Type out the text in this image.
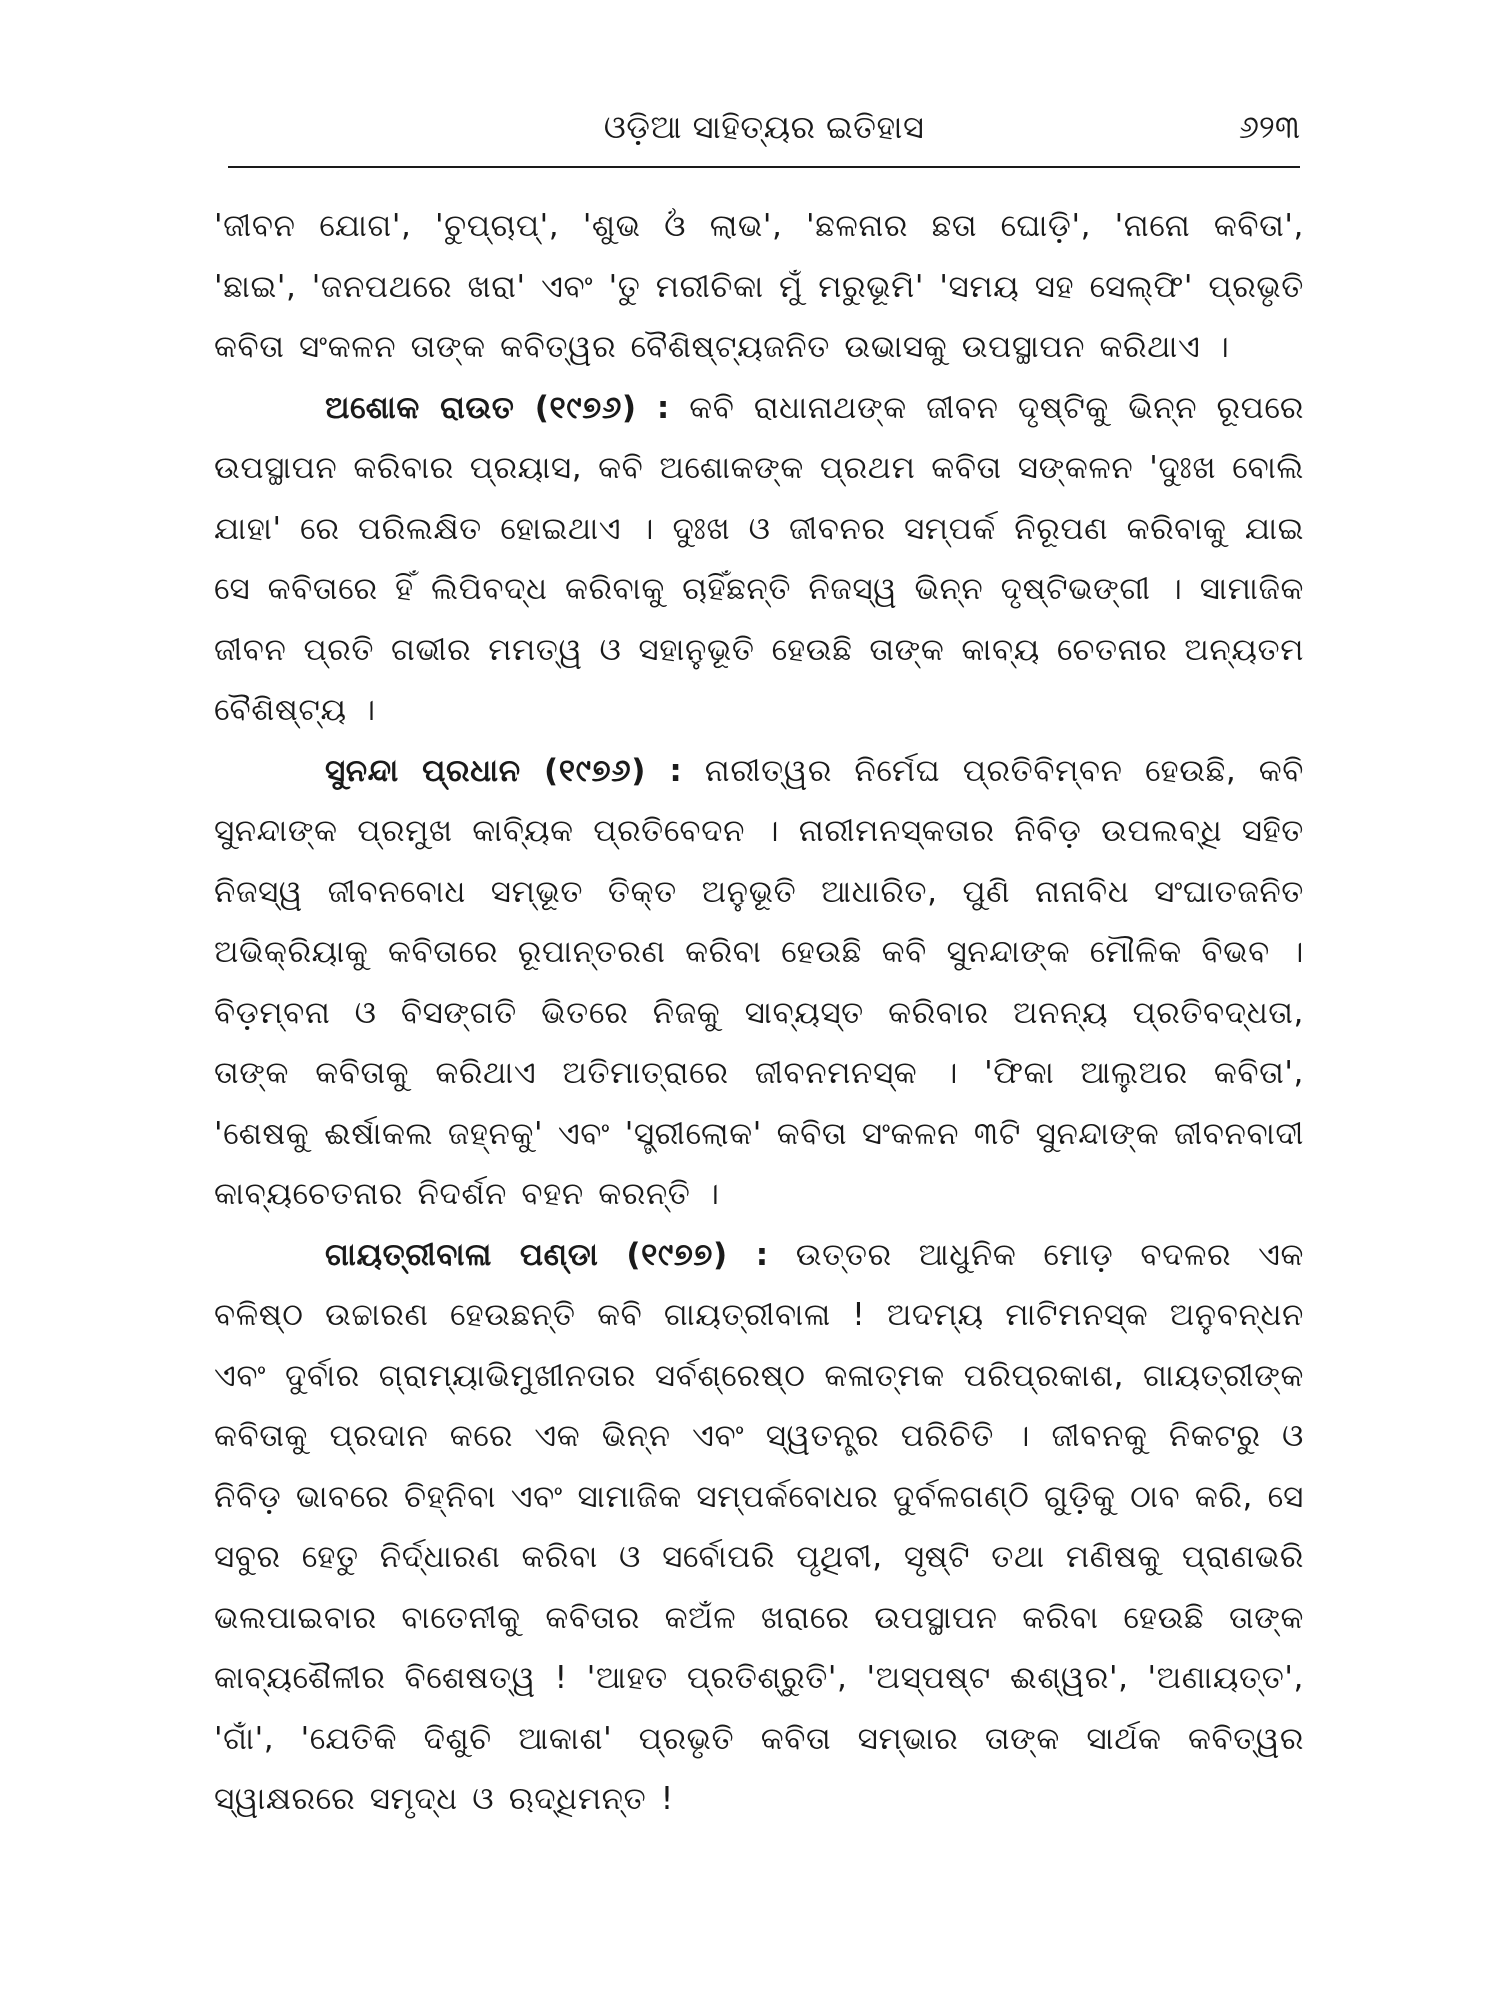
ଓଡ଼ିଆ ସାହିତ୍ୟର ଇତିହାସ	୬୨୩

'ଜୀବନ ଯୋଗ', 'ଚୁପ୍‌ଚାପ୍', 'ଶୁଭ ଓଁ ଲାଭ', 'ଛଳନାର ଛତା ଘୋଡ଼ି', 'ନାନୋ କବିତା', 'ଛାଇ', 'ଜନପଥରେ ଖରା' ଏବଂ 'ତୁ ମରୀଚିକା ମୁଁ ମରୁଭୂମି' 'ସମୟ ସହ ସେଲ୍‌ଫି' ପ୍ରଭୃତି କବିତା ସଂକଳନ ତାଙ୍କ କବିତ୍ୱର ବୈଶିଷ୍ଟ୍ୟଜନିତ ଉଭାସକୁ ଉପସ୍ଥାପନ କରିଥାଏ ।

ଅଶୋକ ରାଉତ (୧୯୭୬) : କବି ରାଧାନାଥଙ୍କ ଜୀବନ ଦୃଷ୍ଟିକୁ ଭିନ୍ନ ରୂପରେ ଉପସ୍ଥାପନ କରିବାର ପ୍ରୟାସ, କବି ଅଶୋକଙ୍କ ପ୍ରଥମ କବିତା ସଙ୍କଳନ 'ଦୁଃଖ ବୋଲି ଯାହା' ରେ ପରିଲକ୍ଷିତ ହୋଇଥାଏ । ଦୁଃଖ ଓ ଜୀବନର ସମ୍ପର୍କ ନିରୂପଣ କରିବାକୁ ଯାଇ ସେ କବିତାରେ ହିଁ ଲିପିବଦ୍ଧ କରିବାକୁ ଚାହିଁଛନ୍ତି ନିଜସ୍ୱ ଭିନ୍ନ ଦୃଷ୍ଟିଭଙ୍ଗୀ । ସାମାଜିକ ଜୀବନ ପ୍ରତି ଗଭୀର ମମତ୍ୱ ଓ ସହାନୁଭୂତି ହେଉଛି ତାଙ୍କ କାବ୍ୟ ଚେତନାର ଅନ୍ୟତମ ବୈଶିଷ୍ଟ୍ୟ ।

ସୁନନ୍ଦା ପ୍ରଧାନ (୧୯୭୬) : ନାରୀତ୍ୱର ନିର୍ମେଘ ପ୍ରତିବିମ୍ବନ ହେଉଛି, କବି ସୁନନ୍ଦାଙ୍କ ପ୍ରମୁଖ କାବ୍ୟିକ ପ୍ରତିବେଦନ । ନାରୀମନସ୍କତାର ନିବିଡ଼ ଉପଲବ୍ଧି ସହିତ ନିଜସ୍ୱ ଜୀବନବୋଧ ସମ୍ଭୂତ ତିକ୍ତ ଅନୁଭୂତି ଆଧାରିତ, ପୁଣି ନାନାବିଧ ସଂଘାତଜନିତ ଅଭିକ୍ରିୟାକୁ କବିତାରେ ରୂପାନ୍ତରଣ କରିବା ହେଉଛି କବି ସୁନନ୍ଦାଙ୍କ ମୌଳିକ ବିଭବ । ବିଡ଼ମ୍ବନା ଓ ବିସଙ୍ଗତି ଭିତରେ ନିଜକୁ ସାବ୍ୟସ୍ତ କରିବାର ଅନନ୍ୟ ପ୍ରତିବଦ୍ଧତା, ତାଙ୍କ କବିତାକୁ କରିଥାଏ ଅତିମାତ୍ରାରେ ଜୀବନମନସ୍କ । 'ଫିକା ଆଲୁଅର କବିତା', 'ଶେଷକୁ ଈର୍ଷାକଲ ଜହ୍ନକୁ' ଏବଂ 'ସ୍ତ୍ରୀଲୋକ' କବିତା ସଂକଳନ ୩ଟି ସୁନନ୍ଦାଙ୍କ ଜୀବନବାଦୀ କାବ୍ୟଚେତନାର ନିଦର୍ଶନ ବହନ କରନ୍ତି ।

ଗାୟତ୍ରୀବାଳା ପଣ୍ଡା (୧୯୭୭) : ଉତ୍ତର ଆଧୁନିକ ମୋଡ଼ ବଦଳର ଏକ ବଳିଷ୍ଠ ଉଚ୍ଚାରଣ ହେଉଛନ୍ତି କବି ଗାୟତ୍ରୀବାଳା ! ଅଦମ୍ୟ ମାଟିମନସ୍କ ଅନୁବନ୍ଧନ ଏବଂ ଦୁର୍ବାର ଗ୍ରାମ୍ୟାଭିମୁଖୀନତାର ସର୍ବଶ୍ରେଷ୍ଠ କଳାତ୍ମକ ପରିପ୍ରକାଶ, ଗାୟତ୍ରୀଙ୍କ କବିତାକୁ ପ୍ରଦାନ କରେ ଏକ ଭିନ୍ନ ଏବଂ ସ୍ୱତନ୍ତ୍ର ପରିଚିତି । ଜୀବନକୁ ନିକଟରୁ ଓ ନିବିଡ଼ ଭାବରେ ଚିହ୍ନିବା ଏବଂ ସାମାଜିକ ସମ୍ପର୍କବୋଧର ଦୁର୍ବଳଗଣ୍ଠି ଗୁଡ଼ିକୁ ଠାବ କରି, ସେ ସବୁର ହେତୁ ନିର୍ଦ୍ଧାରଣ କରିବା ଓ ସର୍ବୋପରି ପୃଥିବୀ, ସୃଷ୍ଟି ତଥା ମଣିଷକୁ ପ୍ରାଣଭରି ଭଲପାଇବାର ବାତେନୀକୁ କବିତାର କଅଁଳ ଖରାରେ ଉପସ୍ଥାପନ କରିବା ହେଉଛି ତାଙ୍କ କାବ୍ୟଶୈଳୀର ବିଶେଷତ୍ୱ ! 'ଆହତ ପ୍ରତିଶ୍ରୁତି', 'ଅସ୍ପଷ୍ଟ ଈଶ୍ୱର', 'ଅଣାୟତ୍ତ', 'ଗାଁ', 'ଯେତିକି ଦିଶୁଚି ଆକାଶ' ପ୍ରଭୃତି କବିତା ସମ୍ଭାର ତାଙ୍କ ସାର୍ଥକ କବିତ୍ୱର ସ୍ୱାକ୍ଷରରେ ସମୃଦ୍ଧ ଓ ଋଦ୍ଧିମନ୍ତ !
